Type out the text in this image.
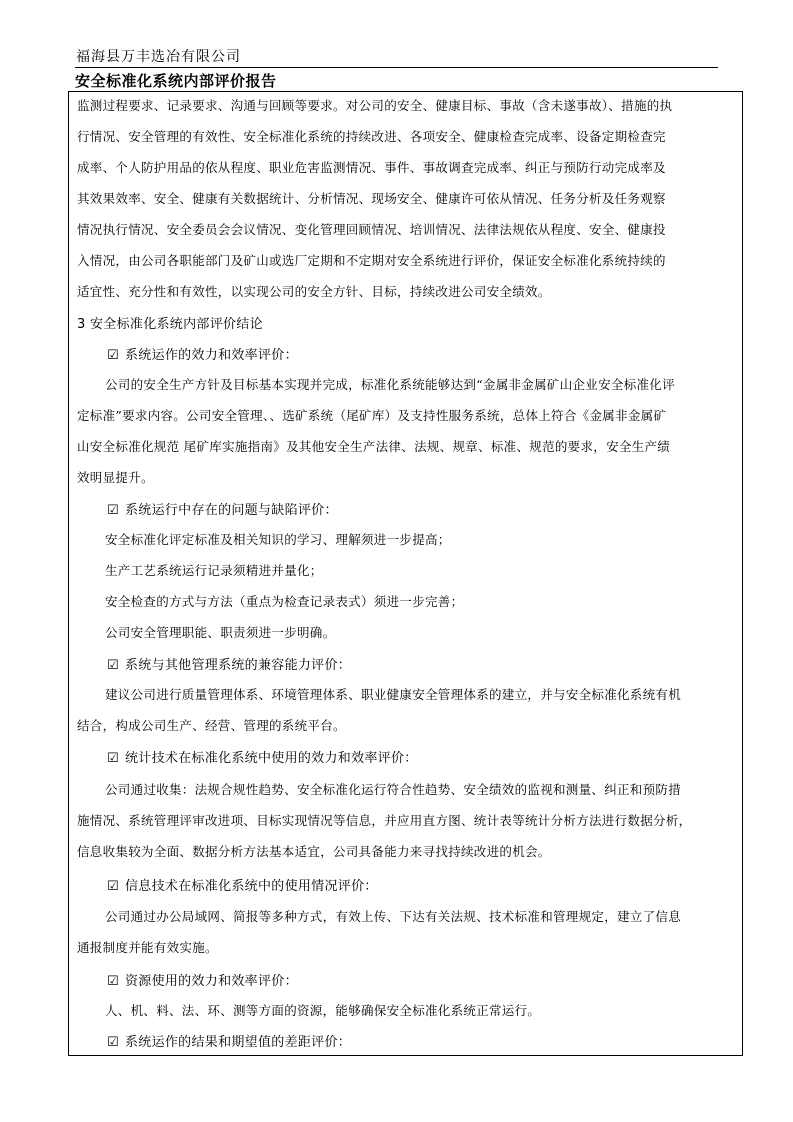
福海县万丰选冶有限公司
安全标准化系统内部评价报告
监测过程要求、记录要求、沟通与回顾等要求。对公司的安全、健康目标、事故（含未遂事故）、措施的执
行情况、安全管理的有效性、安全标准化系统的持续改进、各项安全、健康检查完成率、设备定期检查完
成率、个人防护用品的依从程度、职业危害监测情况、事件、事故调查完成率、纠正与预防行动完成率及
其效果效率、安全、健康有关数据统计、分析情况、现场安全、健康许可依从情况、任务分析及任务观察
情况执行情况、安全委员会会议情况、变化管理回顾情况、培训情况、法律法规依从程度、安全、健康投
入情况，由公司各职能部门及矿山或选厂定期和不定期对安全系统进行评价，保证安全标准化系统持续的
适宜性、充分性和有效性，以实现公司的安全方针、目标，持续改进公司安全绩效。
3 安全标准化系统内部评价结论
☑ 系统运作的效力和效率评价：
公司的安全生产方针及目标基本实现并完成，标准化系统能够达到“金属非金属矿山企业安全标准化评
定标准”要求内容。公司安全管理、、选矿系统（尾矿库）及支持性服务系统，总体上符合《金属非金属矿
山安全标准化规范 尾矿库实施指南》及其他安全生产法律、法规、规章、标准、规范的要求，安全生产绩
效明显提升。
☑ 系统运行中存在的问题与缺陷评价：
安全标准化评定标准及相关知识的学习、理解须进一步提高；
生产工艺系统运行记录须精进并量化；
安全检查的方式与方法（重点为检查记录表式）须进一步完善；
公司安全管理职能、职责须进一步明确。
☑ 系统与其他管理系统的兼容能力评价：
建议公司进行质量管理体系、环境管理体系、职业健康安全管理体系的建立，并与安全标准化系统有机
结合，构成公司生产、经营、管理的系统平台。
☑ 统计技术在标准化系统中使用的效力和效率评价：
公司通过收集：法规合规性趋势、安全标准化运行符合性趋势、安全绩效的监视和测量、纠正和预防措
施情况、系统管理评审改进项、目标实现情况等信息，并应用直方图、统计表等统计分析方法进行数据分析，
信息收集较为全面、数据分析方法基本适宜，公司具备能力来寻找持续改进的机会。
☑ 信息技术在标准化系统中的使用情况评价：
公司通过办公局域网、简报等多种方式，有效上传、下达有关法规、技术标准和管理规定，建立了信息
通报制度并能有效实施。
☑ 资源使用的效力和效率评价：
人、机、料、法、环、测等方面的资源，能够确保安全标准化系统正常运行。
☑ 系统运作的结果和期望值的差距评价：
